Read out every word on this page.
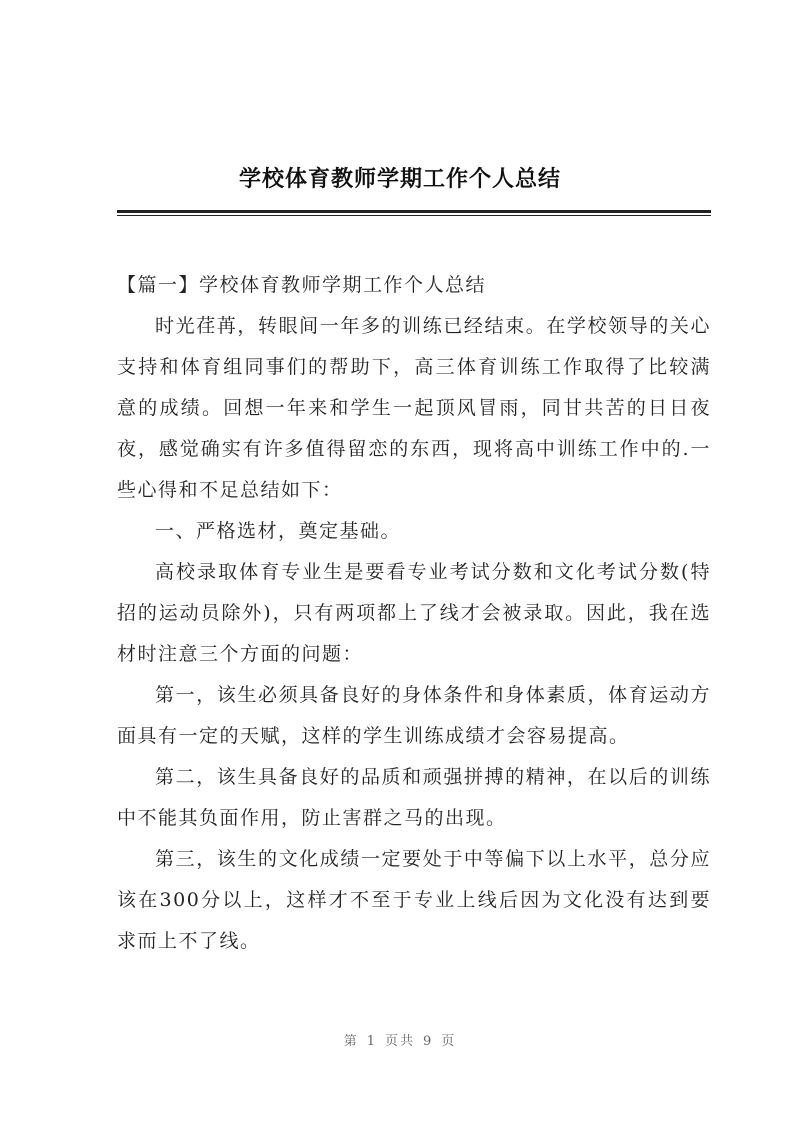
学校体育教师学期工作个人总结

【篇一】学校体育教师学期工作个人总结

时光荏苒，转眼间一年多的训练已经结束。在学校领导的关心支持和体育组同事们的帮助下，高三体育训练工作取得了比较满意的成绩。回想一年来和学生一起顶风冒雨，同甘共苦的日日夜夜，感觉确实有许多值得留恋的东西，现将高中训练工作中的.一些心得和不足总结如下：

一、严格选材，奠定基础。

高校录取体育专业生是要看专业考试分数和文化考试分数(特招的运动员除外)，只有两项都上了线才会被录取。因此，我在选材时注意三个方面的问题：

第一，该生必须具备良好的身体条件和身体素质，体育运动方面具有一定的天赋，这样的学生训练成绩才会容易提高。

第二，该生具备良好的品质和顽强拼搏的精神，在以后的训练中不能其负面作用，防止害群之马的出现。

第三，该生的文化成绩一定要处于中等偏下以上水平，总分应该在300分以上，这样才不至于专业上线后因为文化没有达到要求而上不了线。

第 1 页共 9 页
